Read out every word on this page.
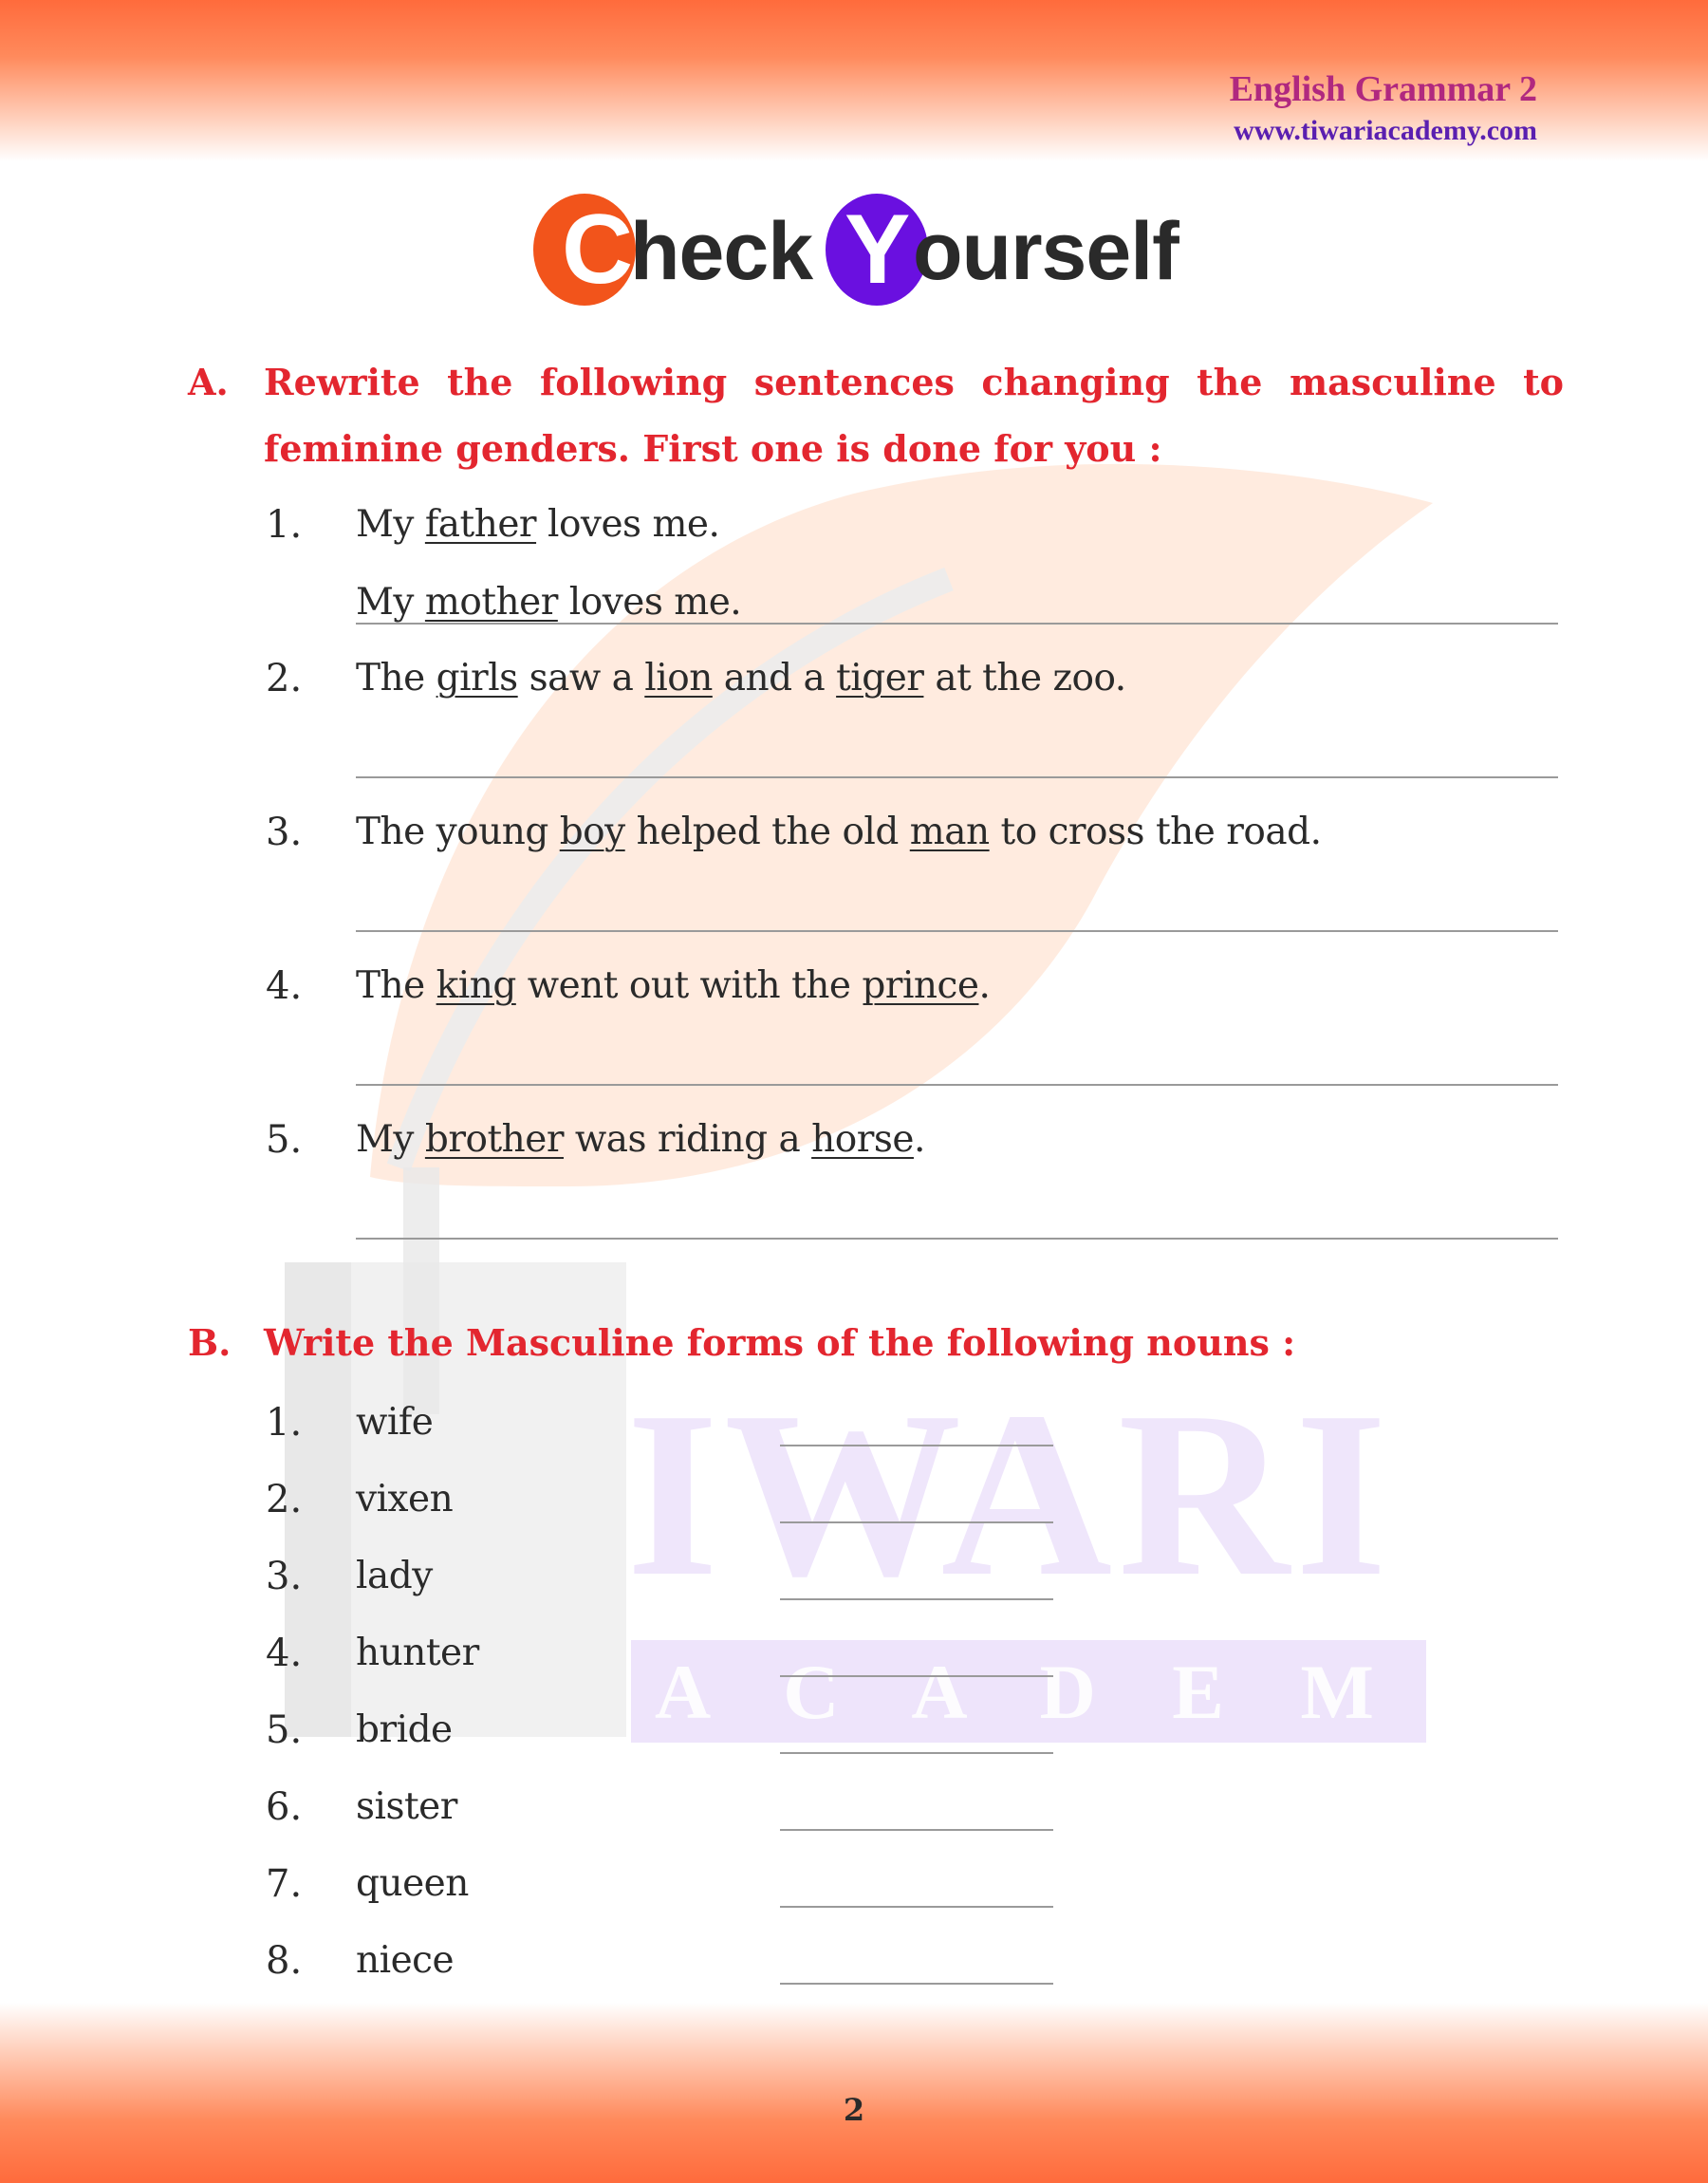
IWARI
A C A D E M Y
English Grammar 2
www.tiwariacademy.com
C
heck Y ourself
A. Rewrite the following sentences changing the masculine to feminine genders. First one is done for you :
1. My father loves me.
My mother loves me.
2. The girls saw a lion and a tiger at the zoo.
3. The young boy helped the old man to cross the road.
4. The king went out with the prince.
5. My brother was riding a horse.
B. Write the Masculine forms of the following nouns :
1. wife
2. vixen
3. lady
4. hunter
5. bride
6. sister
7. queen
8. niece
2
